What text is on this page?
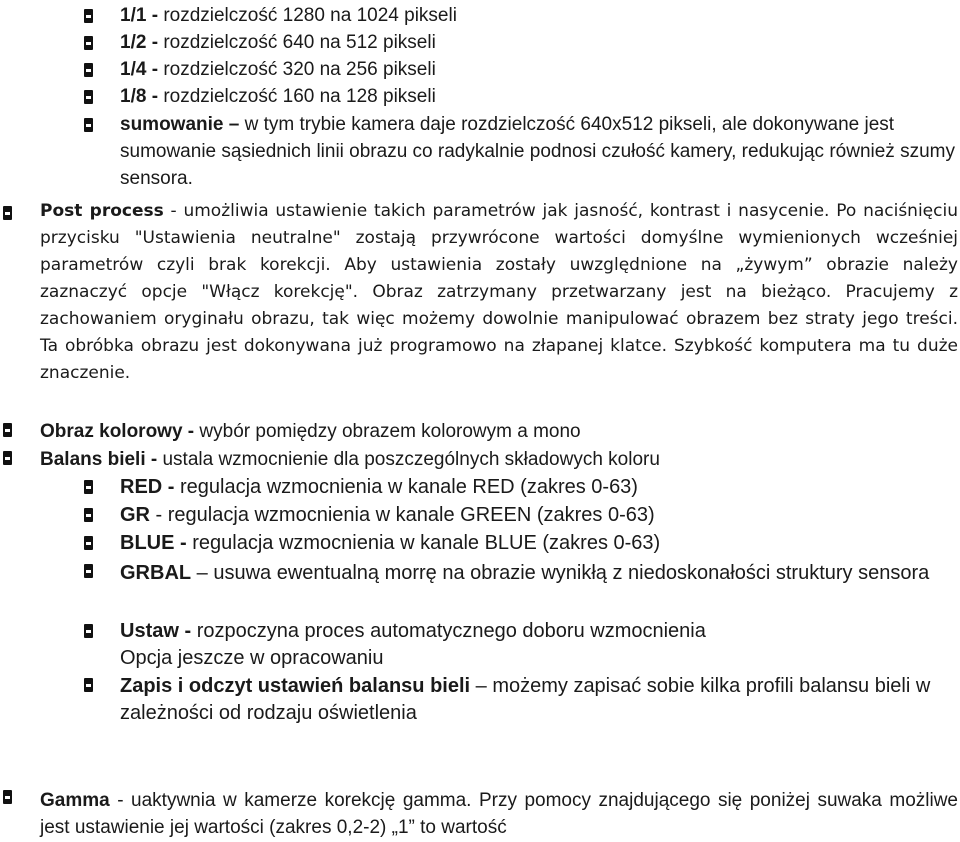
1/1 - rozdzielczość 1280 na 1024 pikseli
1/2 - rozdzielczość 640 na 512 pikseli
1/4 - rozdzielczość 320 na 256 pikseli
1/8 - rozdzielczość 160 na 128 pikseli
sumowanie – w tym trybie kamera daje rozdzielczość 640x512 pikseli, ale dokonywane jest sumowanie sąsiednich linii obrazu co radykalnie podnosi czułość kamery, redukując również szumy sensora.
Post process - umożliwia ustawienie takich parametrów jak jasność, kontrast i nasycenie. Po naciśnięciu przycisku "Ustawienia neutralne" zostają przywrócone wartości domyślne wymienionych wcześniej parametrów czyli brak korekcji. Aby ustawienia zostały uwzględnione na „żywym” obrazie należy zaznaczyć opcje "Włącz korekcję". Obraz zatrzymany przetwarzany jest na bieżąco. Pracujemy z zachowaniem oryginału obrazu, tak więc możemy dowolnie manipulować obrazem bez straty jego treści. Ta obróbka obrazu jest dokonywana już programowo na złapanej klatce. Szybkość komputera ma tu duże znaczenie.
Obraz kolorowy - wybór pomiędzy obrazem kolorowym a mono
Balans bieli - ustala wzmocnienie dla poszczególnych składowych koloru
RED - regulacja wzmocnienia w kanale RED (zakres 0-63)
GR - regulacja wzmocnienia w kanale GREEN (zakres 0-63)
BLUE - regulacja wzmocnienia w kanale BLUE (zakres 0-63)
GRBAL – usuwa ewentualną morrę na obrazie wynikłą z niedoskonałości struktury sensora
Ustaw - rozpoczyna proces automatycznego doboru wzmocnienia
Opcja jeszcze w opracowaniu
Zapis i odczyt ustawień balansu bieli – możemy zapisać sobie kilka profili balansu bieli w zależności od rodzaju oświetlenia
Gamma - uaktywnia w kamerze korekcję gamma. Przy pomocy znajdującego się poniżej suwaka możliwe jest ustawienie jej wartości (zakres 0,2-2) „1” to wartość
